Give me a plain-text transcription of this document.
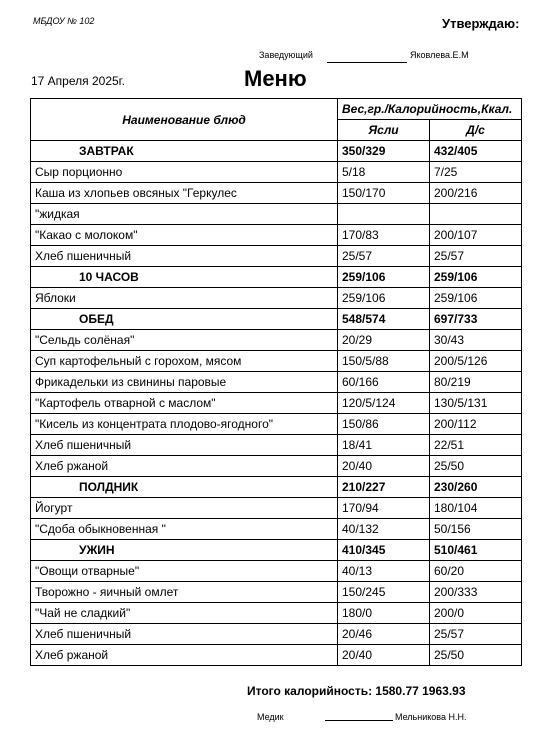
МБДОУ № 102	Утверждаю:
Заведующий	Яковлева.Е.М
17 Апреля 2025г.	Меню
Наименование блюд	Вес,гр./Калорийность,Ккал.	
	Ясли	Д/с
ЗАВТРАК	350/329	432/405
Сыр порционно	5/18	7/25
Каша из хлопьев овсяных "Геркулес	150/170	200/216
"жидкая		
"Какао с молоком"	170/83	200/107
Хлеб пшеничный	25/57	25/57
10 ЧАСОВ	259/106	259/106
Яблоки	259/106	259/106
ОБЕД	548/574	697/733
"Сельдь солёная"	20/29	30/43
Суп картофельный с горохом, мясом	150/5/88	200/5/126
Фрикадельки из свинины паровые	60/166	80/219
"Картофель отварной с маслом"	120/5/124	130/5/131
"Кисель из концентрата плодово-ягодного"	150/86	200/112
Хлеб пшеничный	18/41	22/51
Хлеб ржаной	20/40	25/50
ПОЛДНИК	210/227	230/260
Йогурт	170/94	180/104
"Сдоба обыкновенная "	40/132	50/156
УЖИН	410/345	510/461
"Овощи отварные"	40/13	60/20
Творожно - яичный омлет	150/245	200/333
"Чай не сладкий"	180/0	200/0
Хлеб пшеничный	20/46	25/57
Хлеб ржаной	20/40	25/50
Итого калорийность: 1580.77 1963.93
Медик	Мельникова Н.Н.
